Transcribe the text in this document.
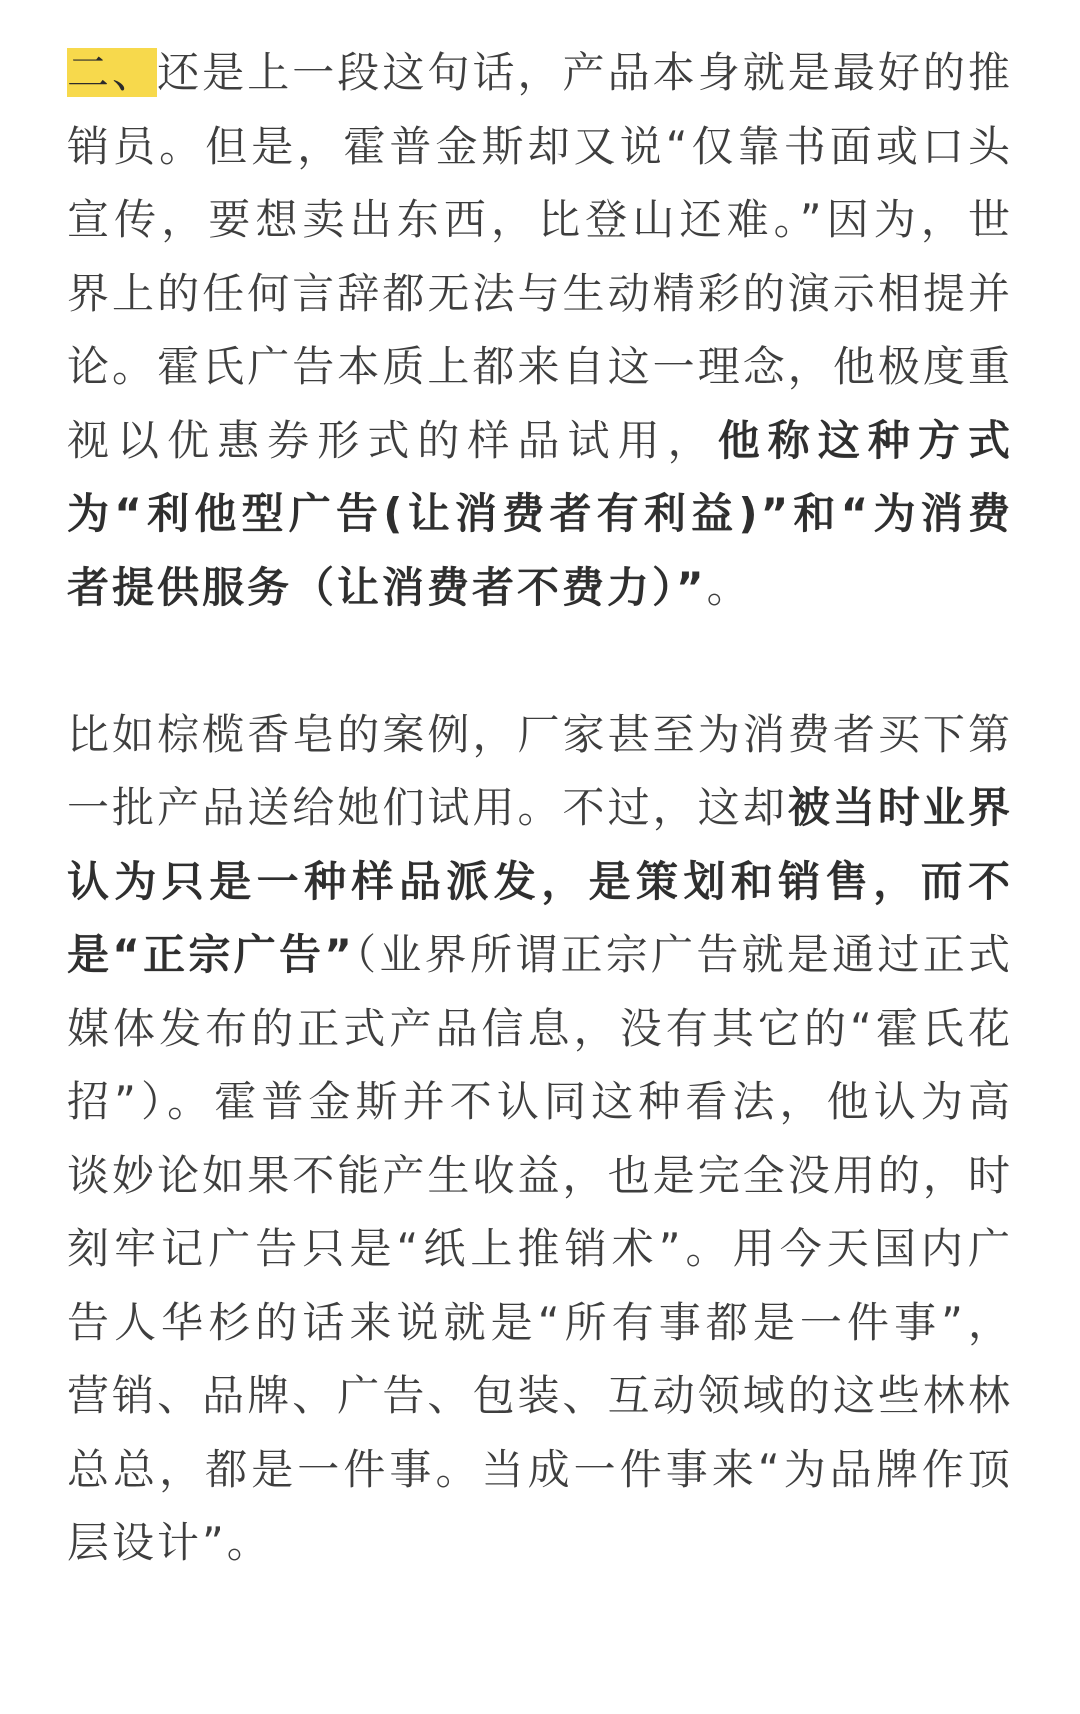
二、还是上一段这句话，产品本身就是最好的推销员。但是，霍普金斯却又说“仅靠书面或口头宣传，要想卖出东西，比登山还难。”因为，世界上的任何言辞都无法与生动精彩的演示相提并论。霍氏广告本质上都来自这一理念，他极度重视以优惠券形式的样品试用，他称这种方式为“利他型广告(让消费者有利益)”和“为消费者提供服务（让消费者不费力）”。

比如棕榄香皂的案例，厂家甚至为消费者买下第一批产品送给她们试用。不过，这却被当时业界认为只是一种样品派发，是策划和销售，而不是“正宗广告”（业界所谓正宗广告就是通过正式媒体发布的正式产品信息，没有其它的“霍氏花招”）。霍普金斯并不认同这种看法，他认为高谈妙论如果不能产生收益，也是完全没用的，时刻牢记广告只是“纸上推销术”。用今天国内广告人华杉的话来说就是“所有事都是一件事”，营销、品牌、广告、包装、互动领域的这些林林总总，都是一件事。当成一件事来“为品牌作顶层设计”。
